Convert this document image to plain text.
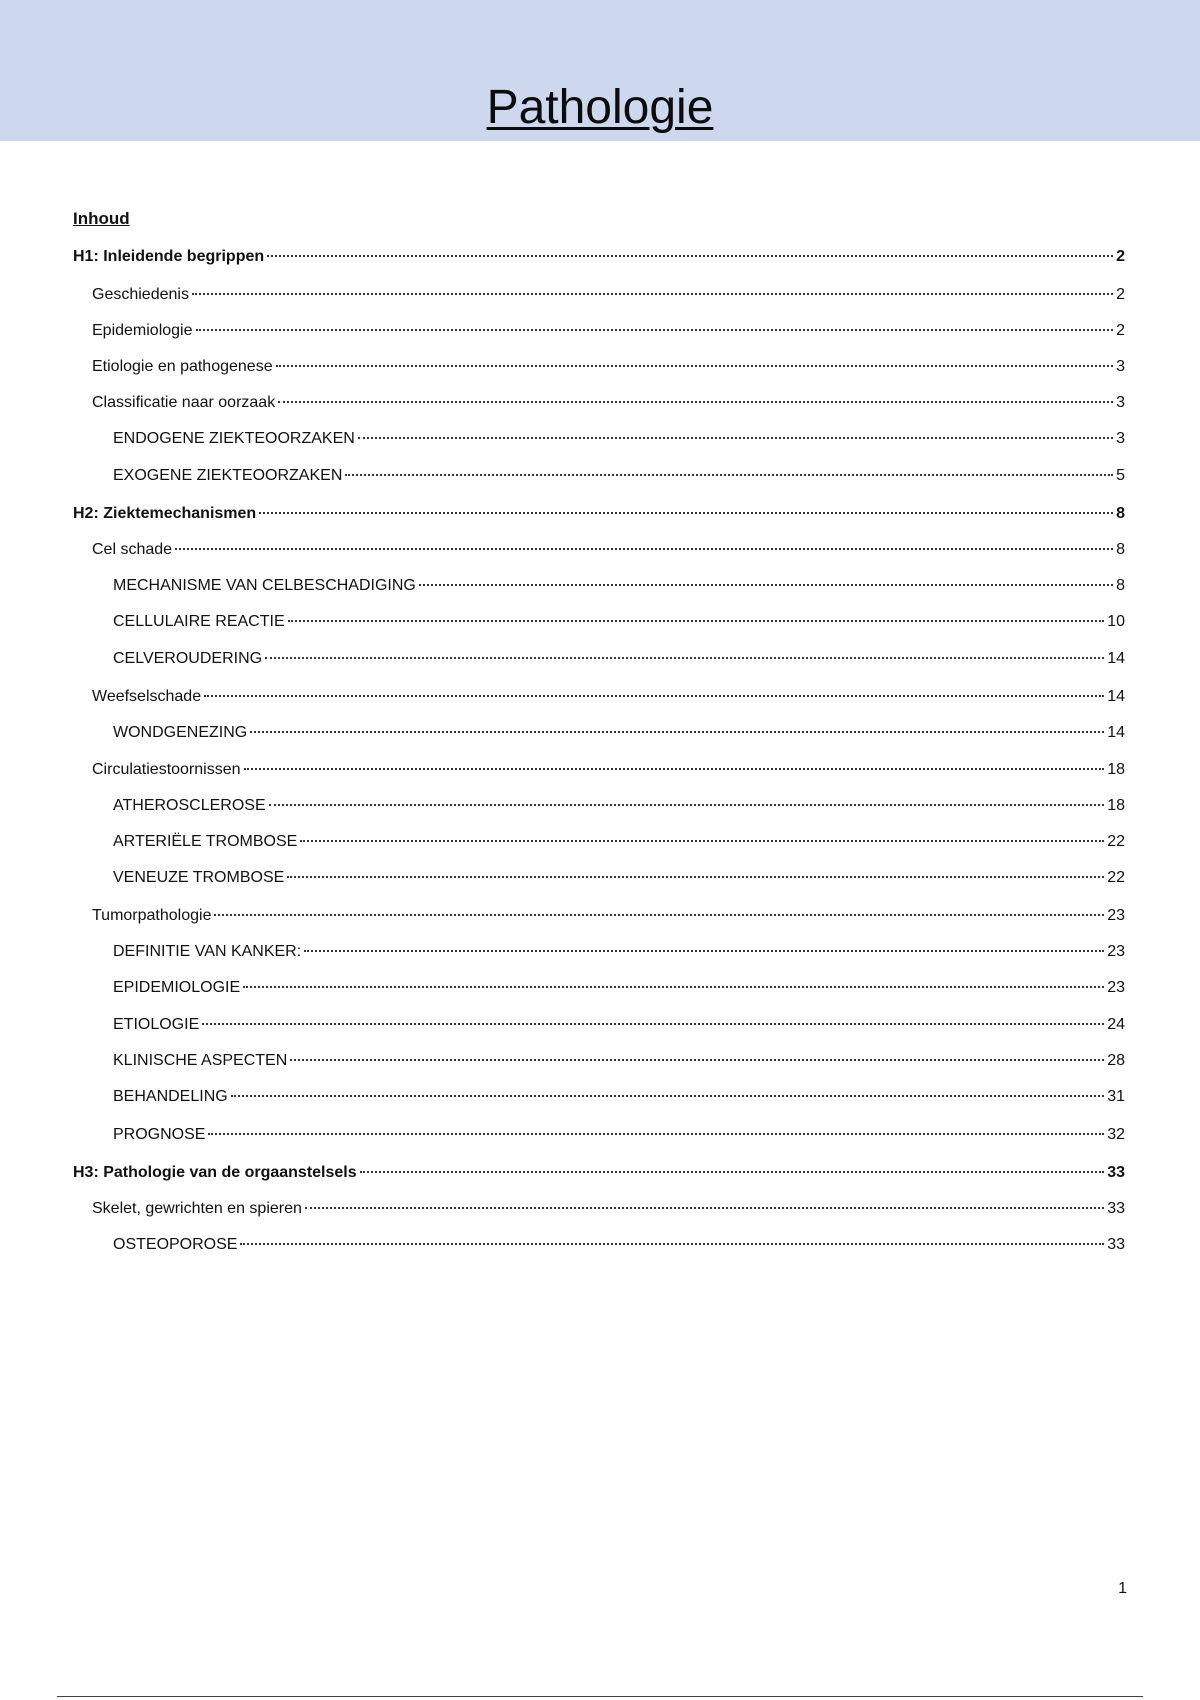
Pathologie
Inhoud
H1: Inleidende begrippen	2
Geschiedenis	2
Epidemiologie	2
Etiologie en pathogenese	3
Classificatie naar oorzaak	3
ENDOGENE ZIEKTEOORZAKEN	3
EXOGENE ZIEKTEOORZAKEN	5
H2: Ziektemechanismen	8
Cel schade	8
MECHANISME VAN CELBESCHADIGING	8
CELLULAIRE REACTIE	10
CELVEROUDERING	14
Weefselschade	14
WONDGENEZING	14
Circulatiestoornissen	18
ATHEROSCLEROSE	18
ARTERIËLE TROMBOSE	22
VENEUZE TROMBOSE	22
Tumorpathologie	23
DEFINITIE VAN KANKER:	23
EPIDEMIOLOGIE	23
ETIOLOGIE	24
KLINISCHE ASPECTEN	28
BEHANDELING	31
PROGNOSE	32
H3: Pathologie van de orgaanstelsels	33
Skelet, gewrichten en spieren	33
OSTEOPOROSE	33
1
